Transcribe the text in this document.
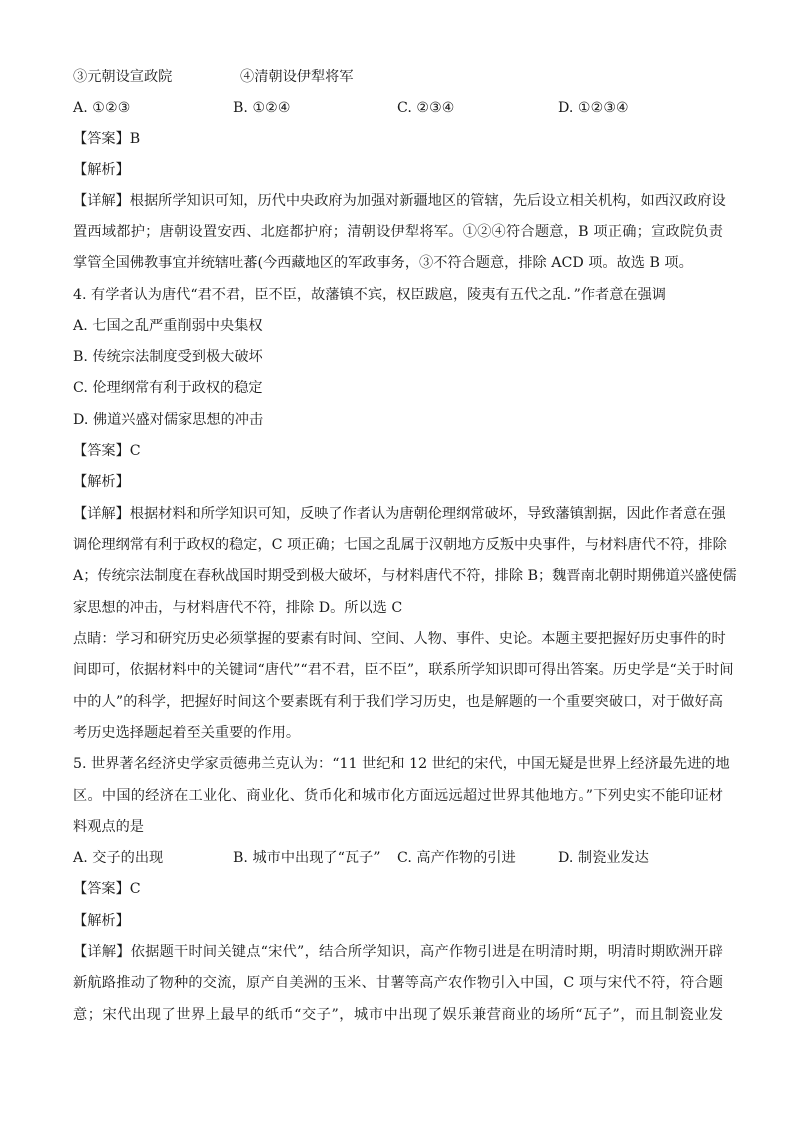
③元朝设宣政院	④清朝设伊犁将军
A. ①②③	B. ①②④	C. ②③④	D. ①②③④
【答案】B
【解析】
【详解】根据所学知识可知，历代中央政府为加强对新疆地区的管辖，先后设立相关机构，如西汉政府设
置西域都护；唐朝设置安西、北庭都护府；清朝设伊犁将军。①②④符合题意，B 项正确；宣政院负责
掌管全国佛教事宜并统辖吐蕃(今西藏地区的军政事务，③不符合题意，排除 ACD 项。故选 B 项。
4. 有学者认为唐代“君不君，臣不臣，故藩镇不宾，权臣跋扈，陵夷有五代之乱．”作者意在强调
A. 七国之乱严重削弱中央集权
B. 传统宗法制度受到极大破坏
C. 伦理纲常有利于政权的稳定
D. 佛道兴盛对儒家思想的冲击
【答案】C
【解析】
【详解】根据材料和所学知识可知，反映了作者认为唐朝伦理纲常破坏，导致藩镇割据，因此作者意在强
调伦理纲常有利于政权的稳定，C 项正确；七国之乱属于汉朝地方反叛中央事件，与材料唐代不符，排除
A；传统宗法制度在春秋战国时期受到极大破坏，与材料唐代不符，排除 B；魏晋南北朝时期佛道兴盛使儒
家思想的冲击，与材料唐代不符，排除 D。所以选 C
点睛：学习和研究历史必须掌握的要素有时间、空间、人物、事件、史论。本题主要把握好历史事件的时
间即可，依据材料中的关键词“唐代”“君不君，臣不臣”，联系所学知识即可得出答案。历史学是“关于时间
中的人”的科学，把握好时间这个要素既有利于我们学习历史，也是解题的一个重要突破口，对于做好高
考历史选择题起着至关重要的作用。
5. 世界著名经济史学家贡德弗兰克认为：“11 世纪和 12 世纪的宋代，中国无疑是世界上经济最先进的地
区。中国的经济在工业化、商业化、货币化和城市化方面远远超过世界其他地方。”下列史实不能印证材
料观点的是
A. 交子的出现	B. 城市中出现了“瓦子” C. 高产作物的引进	D. 制瓷业发达
【答案】C
【解析】
【详解】依据题干时间关键点“宋代”，结合所学知识，高产作物引进是在明清时期，明清时期欧洲开辟
新航路推动了物种的交流，原产自美洲的玉米、甘薯等高产农作物引入中国，C 项与宋代不符，符合题
意；宋代出现了世界上最早的纸币“交子”，城市中出现了娱乐兼营商业的场所“瓦子”，而且制瓷业发
